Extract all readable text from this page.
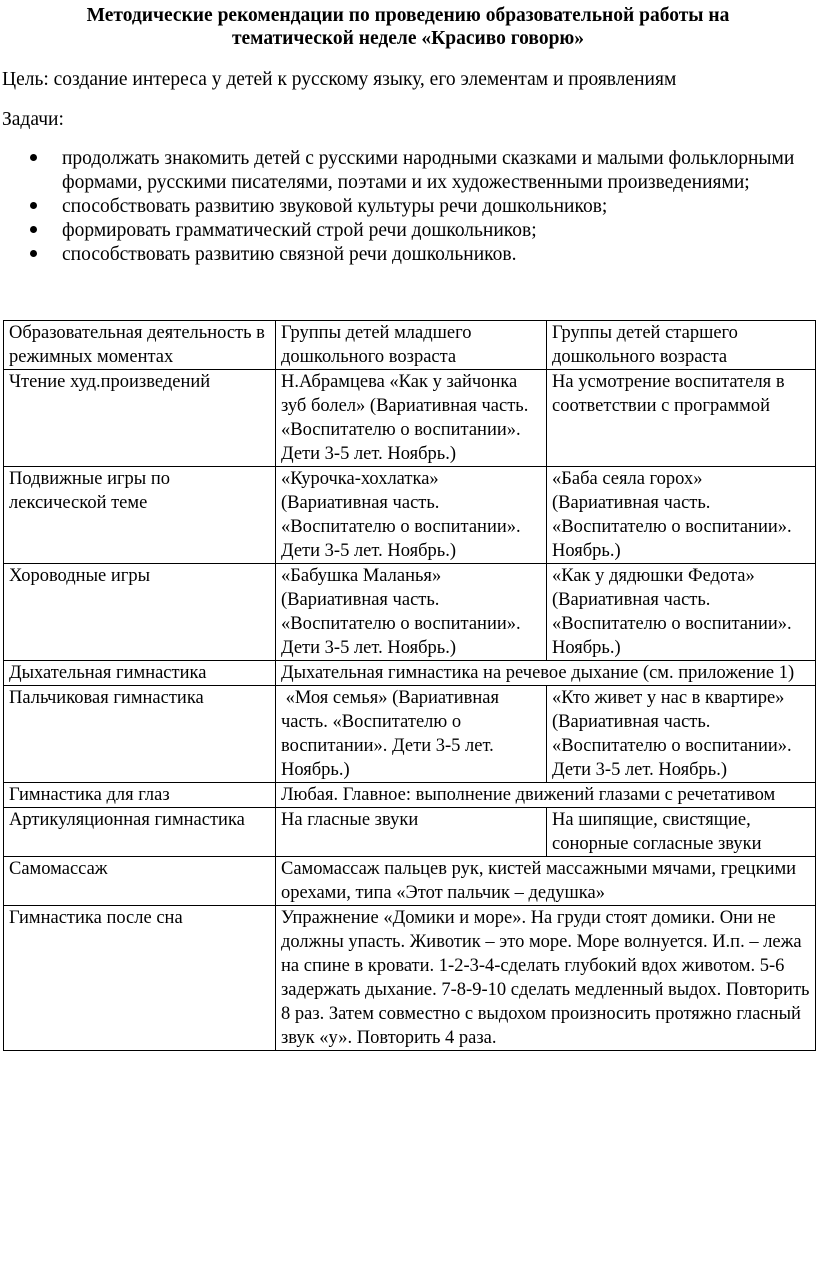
Методические рекомендации по проведению образовательной работы на
тематической неделе «Красиво говорю»
Цель: создание интереса у детей к русскому языку, его элементам и проявлениям
Задачи:
продолжать знакомить детей с русскими народными сказками и малыми фольклорными формами, русскими писателями, поэтами и их художественными произведениями;
способствовать развитию звуковой культуры речи дошкольников;
формировать грамматический строй речи дошкольников;
способствовать развитию связной речи дошкольников.
Образовательная деятельность в режимных моментах	Группы детей младшего дошкольного возраста	Группы детей старшего дошкольного возраста
Чтение худ.произведений	Н.Абрамцева «Как у зайчонка зуб болел» (Вариативная часть. «Воспитателю о воспитании». Дети 3-5 лет. Ноябрь.)	На усмотрение воспитателя в соответствии с программой
Подвижные игры по лексической теме	«Курочка-хохлатка» (Вариативная часть. «Воспитателю о воспитании». Дети 3-5 лет. Ноябрь.)	«Баба сеяла горох» (Вариативная часть. «Воспитателю о воспитании». Ноябрь.)
Хороводные игры	«Бабушка Маланья» (Вариативная часть. «Воспитателю о воспитании». Дети 3-5 лет. Ноябрь.)	«Как у дядюшки Федота» (Вариативная часть. «Воспитателю о воспитании». Ноябрь.)
Дыхательная гимнастика	Дыхательная гимнастика на речевое дыхание (см. приложение 1)	
Пальчиковая гимнастика	«Моя семья» (Вариативная часть. «Воспитателю о воспитании». Дети 3-5 лет. Ноябрь.)	«Кто живет у нас в квартире» (Вариативная часть. «Воспитателю о воспитании». Дети 3-5 лет. Ноябрь.)
Гимнастика для глаз	Любая. Главное: выполнение движений глазами с речетативом	
Артикуляционная гимнастика	На гласные звуки	На шипящие, свистящие, сонорные согласные звуки
Самомассаж	Самомассаж пальцев рук, кистей массажными мячами, грецкими орехами, типа «Этот пальчик – дедушка»	
Гимнастика после сна	Упражнение «Домики и море». На груди стоят домики. Они не должны упасть. Животик – это море. Море волнуется. И.п. – лежа на спине в кровати. 1-2-3-4-сделать глубокий вдох животом. 5-6 задержать дыхание. 7-8-9-10 сделать медленный выдох. Повторить 8 раз. Затем совместно с выдохом произносить протяжно гласный звук «у». Повторить 4 раза.	
